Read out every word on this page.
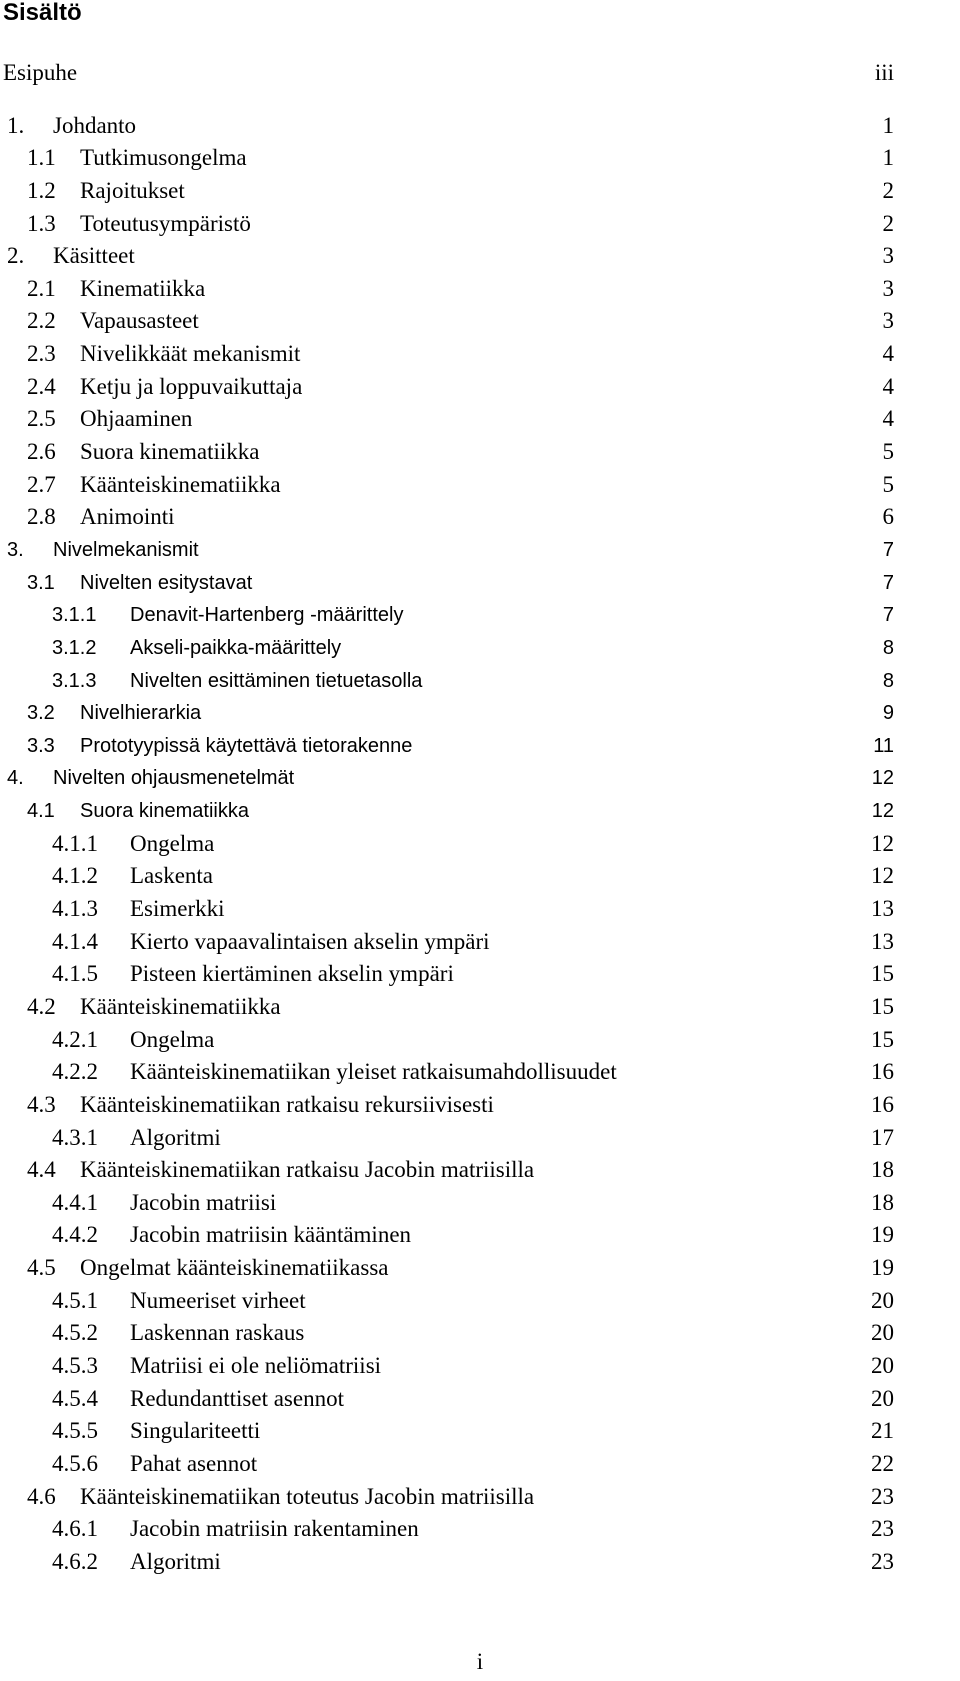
Sisältö
Esipuhe	iii
1. Johdanto	1
1.1 Tutkimusongelma	1
1.2 Rajoitukset	2
1.3 Toteutusympäristö	2
2. Käsitteet	3
2.1 Kinematiikka	3
2.2 Vapausasteet	3
2.3 Nivelikkäät mekanismit	4
2.4 Ketju ja loppuvaikuttaja	4
2.5 Ohjaaminen	4
2.6 Suora kinematiikka	5
2.7 Käänteiskinematiikka	5
2.8 Animointi	6
3. Nivelmekanismit	7
3.1 Nivelten esitystavat	7
3.1.1 Denavit-Hartenberg -määrittely	7
3.1.2 Akseli-paikka-määrittely	8
3.1.3 Nivelten esittäminen tietuetasolla	8
3.2 Nivelhierarkia	9
3.3 Prototyypissä käytettävä tietorakenne	11
4. Nivelten ohjausmenetelmät	12
4.1 Suora kinematiikka	12
4.1.1 Ongelma	12
4.1.2 Laskenta	12
4.1.3 Esimerkki	13
4.1.4 Kierto vapaavalintaisen akselin ympäri	13
4.1.5 Pisteen kiertäminen akselin ympäri	15
4.2 Käänteiskinematiikka	15
4.2.1 Ongelma	15
4.2.2 Käänteiskinematiikan yleiset ratkaisumahdollisuudet	16
4.3 Käänteiskinematiikan ratkaisu rekursiivisesti	16
4.3.1 Algoritmi	17
4.4 Käänteiskinematiikan ratkaisu Jacobin matriisilla	18
4.4.1 Jacobin matriisi	18
4.4.2 Jacobin matriisin kääntäminen	19
4.5 Ongelmat käänteiskinematiikassa	19
4.5.1 Numeeriset virheet	20
4.5.2 Laskennan raskaus	20
4.5.3 Matriisi ei ole neliömatriisi	20
4.5.4 Redundanttiset asennot	20
4.5.5 Singulariteetti	21
4.5.6 Pahat asennot	22
4.6 Käänteiskinematiikan toteutus Jacobin matriisilla	23
4.6.1 Jacobin matriisin rakentaminen	23
4.6.2 Algoritmi	23
i
